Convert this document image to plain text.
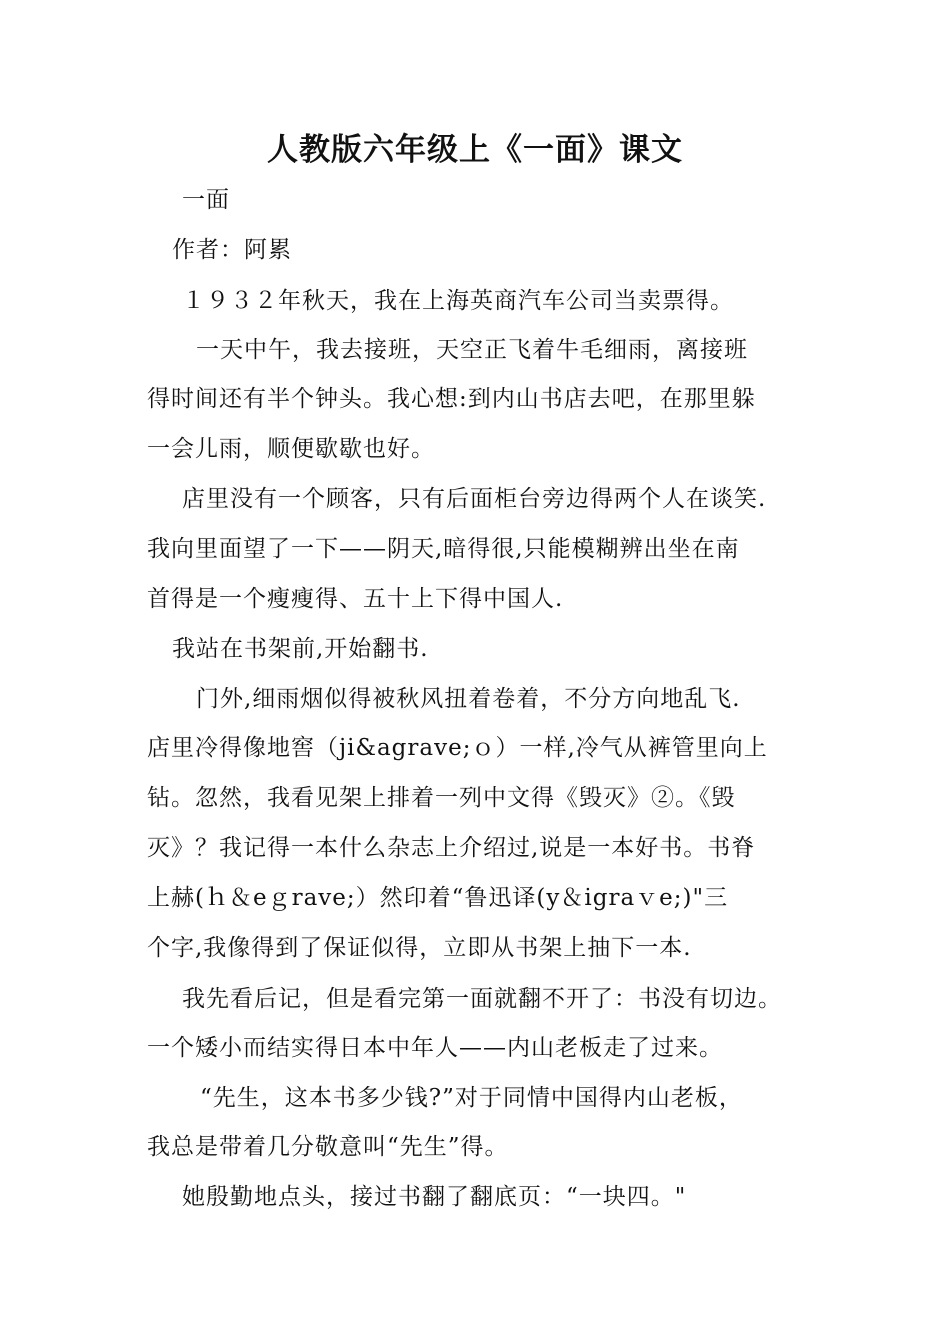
人教版六年级上《一面》课文
一面
作者：阿累
１９３２年秋天，我在上海英商汽车公司当卖票得。
一天中午，我去接班，天空正飞着牛毛细雨，离接班
得时间还有半个钟头。我心想:到内山书店去吧，在那里躲
一会儿雨，顺便歇歇也好。
店里没有一个顾客，只有后面柜台旁边得两个人在谈笑.
我向里面望了一下——阴天,暗得很,只能模糊辨出坐在南
首得是一个瘦瘦得、五十上下得中国人.
我站在书架前,开始翻书.
门外,细雨烟似得被秋风扭着卷着，不分方向地乱飞.
店里冷得像地窖（ji&agrave;ｏ）一样,冷气从裤管里向上
钻。忽然，我看见架上排着一列中文得《毁灭》②。《毁
灭》？我记得一本什么杂志上介绍过,说是一本好书。书脊
上赫(ｈ＆eｇrave;）然印着“鲁迅译(y＆igraｖe;)"三
个字,我像得到了保证似得，立即从书架上抽下一本.
我先看后记，但是看完第一面就翻不开了：书没有切边。
一个矮小而结实得日本中年人——内山老板走了过来。
“先生，这本书多少钱?”对于同情中国得内山老板，
我总是带着几分敬意叫“先生”得。
她殷勤地点头，接过书翻了翻底页：“一块四。"
